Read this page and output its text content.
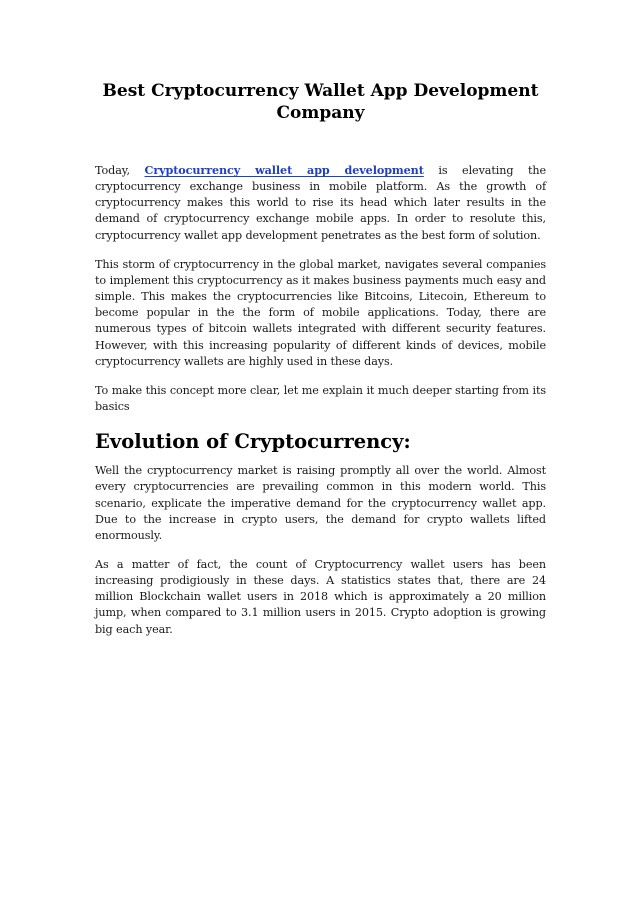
Best Cryptocurrency Wallet App Development Company

Today, Cryptocurrency wallet app development is elevating the cryptocurrency exchange business in mobile platform. As the growth of cryptocurrency makes this world to rise its head which later results in the demand of cryptocurrency exchange mobile apps. In order to resolute this, cryptocurrency wallet app development penetrates as the best form of solution.

This storm of cryptocurrency in the global market, navigates several companies to implement this cryptocurrency as it makes business payments much easy and simple. This makes the cryptocurrencies like Bitcoins, Litecoin, Ethereum to become popular in the the form of mobile applications. Today, there are numerous types of bitcoin wallets integrated with different security features. However, with this increasing popularity of different kinds of devices, mobile cryptocurrency wallets are highly used in these days.

To make this concept more clear, let me explain it much deeper starting from its basics

Evolution of Cryptocurrency:

Well the cryptocurrency market is raising promptly all over the world. Almost every cryptocurrencies are prevailing common in this modern world. This scenario, explicate the imperative demand for the cryptocurrency wallet app. Due to the increase in crypto users, the demand for crypto wallets lifted enormously.

As a matter of fact, the count of Cryptocurrency wallet users has been increasing prodigiously in these days. A statistics states that, there are 24 million Blockchain wallet users in 2018 which is approximately a 20 million jump, when compared to 3.1 million users in 2015. Crypto adoption is growing big each year.
